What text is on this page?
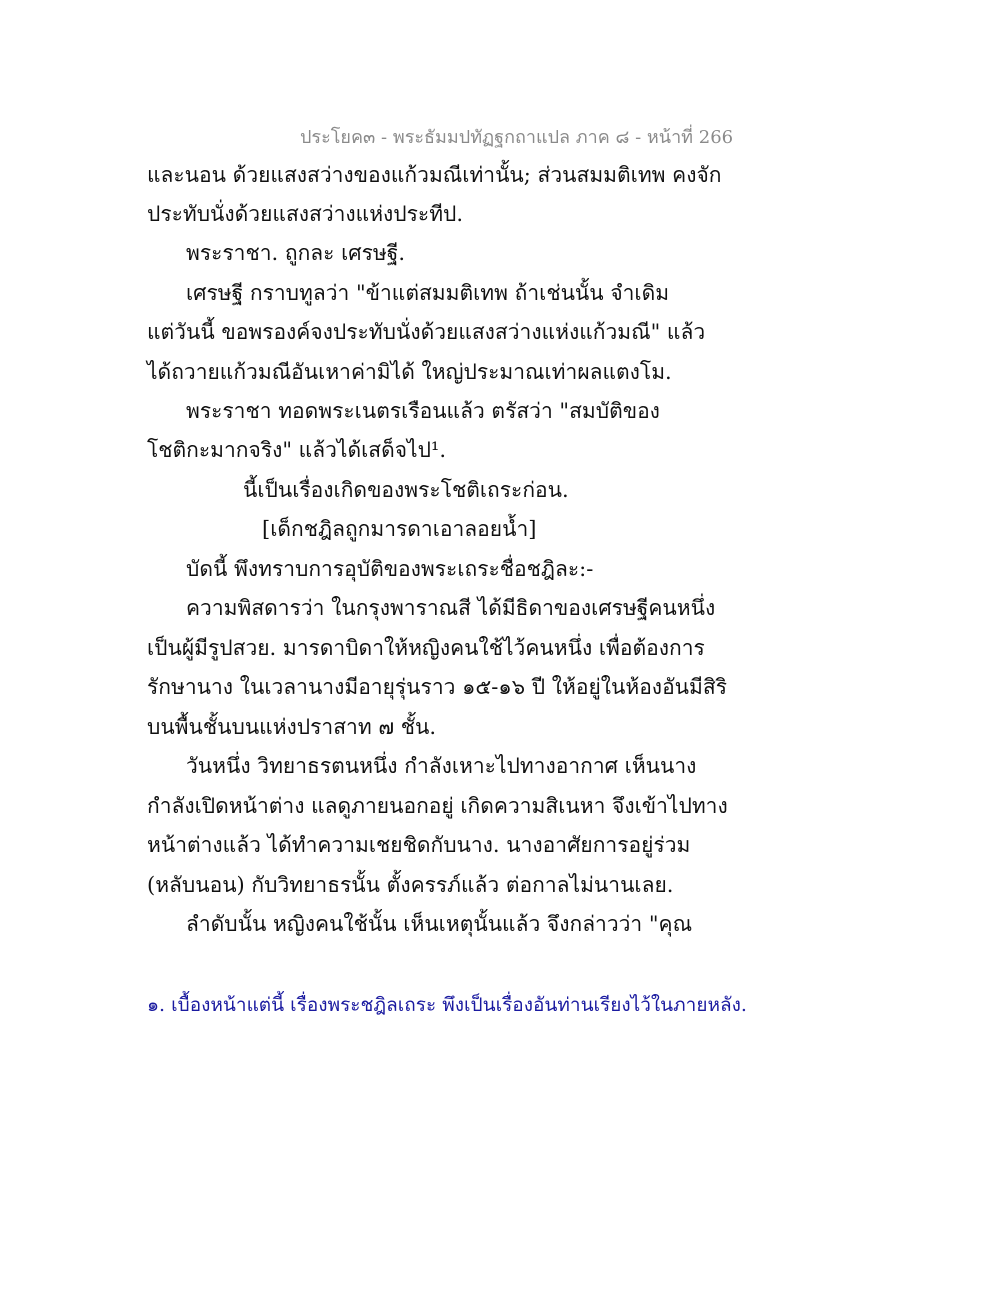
ประโยค๓ - พระธัมมปทัฏฐกถาแปล ภาค ๘ - หน้าที่ 266
และนอน ด้วยแสงสว่างของแก้วมณีเท่านั้น; ส่วนสมมติเทพ คงจัก
ประทับนั่งด้วยแสงสว่างแห่งประทีป.
พระราชา. ถูกละ เศรษฐี.
เศรษฐี กราบทูลว่า "ข้าแต่สมมติเทพ ถ้าเช่นนั้น จำเดิม
แต่วันนี้ ขอพรองค์จงประทับนั่งด้วยแสงสว่างแห่งแก้วมณี" แล้ว
ได้ถวายแก้วมณีอันเหาค่ามิได้ ใหญ่ประมาณเท่าผลแตงโม.
พระราชา ทอดพระเนตรเรือนแล้ว ตรัสว่า "สมบัติของ
โชติกะมากจริง" แล้วได้เสด็จไป¹.
นี้เป็นเรื่องเกิดของพระโชติเถระก่อน.
[เด็กชฎิลถูกมารดาเอาลอยน้ำ]
บัดนี้ พึงทราบการอุบัติของพระเถระชื่อชฎิละ:-
ความพิสดารว่า ในกรุงพาราณสี ได้มีธิดาของเศรษฐีคนหนึ่ง
เป็นผู้มีรูปสวย. มารดาบิดาให้หญิงคนใช้ไว้คนหนึ่ง เพื่อต้องการ
รักษานาง ในเวลานางมีอายุรุ่นราว ๑๕-๑๖ ปี ให้อยู่ในห้องอันมีสิริ
บนพื้นชั้นบนแห่งปราสาท ๗ ชั้น.
วันหนึ่ง วิทยาธรตนหนึ่ง กำลังเหาะไปทางอากาศ เห็นนาง
กำลังเปิดหน้าต่าง แลดูภายนอกอยู่ เกิดความสิเนหา จึงเข้าไปทาง
หน้าต่างแล้ว ได้ทำความเชยชิดกับนาง. นางอาศัยการอยู่ร่วม
(หลับนอน) กับวิทยาธรนั้น ตั้งครรภ์แล้ว ต่อกาลไม่นานเลย.
ลำดับนั้น หญิงคนใช้นั้น เห็นเหตุนั้นแล้ว จึงกล่าวว่า "คุณ
๑. เบื้องหน้าแต่นี้ เรื่องพระชฎิลเถระ พึงเป็นเรื่องอันท่านเรียงไว้ในภายหลัง.
